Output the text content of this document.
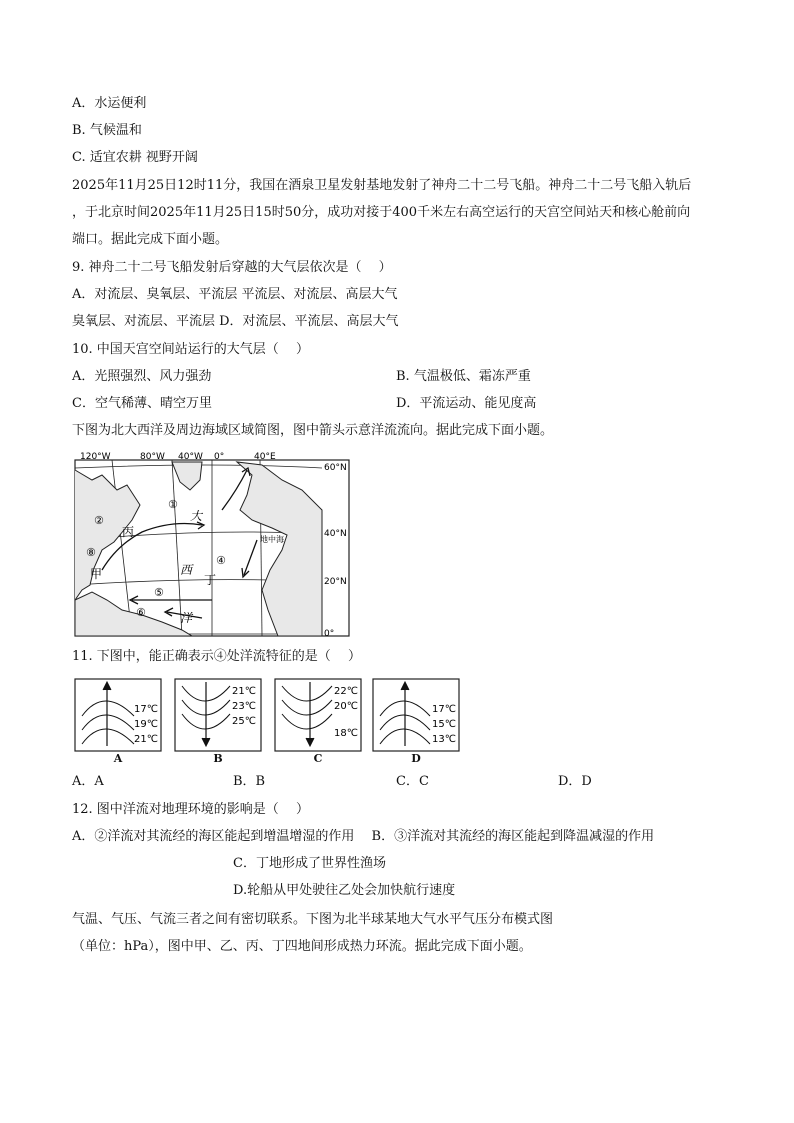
A．水运便利
B. 气候温和
C. 适宜农耕 视野开阔
2025年11月25日12时11分，我国在酒泉卫星发射基地发射了神舟二十二号飞船。神舟二十二号飞船入轨后
，于北京时间2025年11月25日15时50分，成功对接于400千米左右高空运行的天宫空间站天和核心舱前向
端口。据此完成下面小题。
9. 神舟二十二号飞船发射后穿越的大气层依次是（　 ）
A．对流层、臭氧层、平流层 平流层、对流层、高层大气
臭氧层、对流层、平流层 D．对流层、平流层、高层大气
10. 中国天宫空间站运行的大气层（　 ）
A．光照强烈、风力强劲	B. 气温极低、霜冻严重
C．空气稀薄、晴空万里	D．平流运动、能见度高
下图为北大西洋及周边海域区域简图，图中箭头示意洋流流向。据此完成下面小题。
120°W	80°W 40°W 0°	40°E
60°N
40°N
20°N
0°
大
西
洋
甲
丙
丁
①
②
④
⑤
⑥
⑧
地中海
11. 下图中，能正确表示④处洋流特征的是（　 ）
17℃
19℃
21℃
A
21℃
23℃
25℃
B
22℃
20℃
18℃
C
17℃
15℃
13℃
D
A．A	B．B	C．C	D．D
12. 图中洋流对地理环境的影响是（　 ）
A．②洋流对其流经的海区能起到增温增湿的作用　 B．③洋流对其流经的海区能起到降温减湿的作用
C．丁地形成了世界性渔场
D.轮船从甲处驶往乙处会加快航行速度
气温、气压、气流三者之间有密切联系。下图为北半球某地大气水平气压分布模式图
（单位：hPa），图中甲、乙、丙、丁四地间形成热力环流。据此完成下面小题。
